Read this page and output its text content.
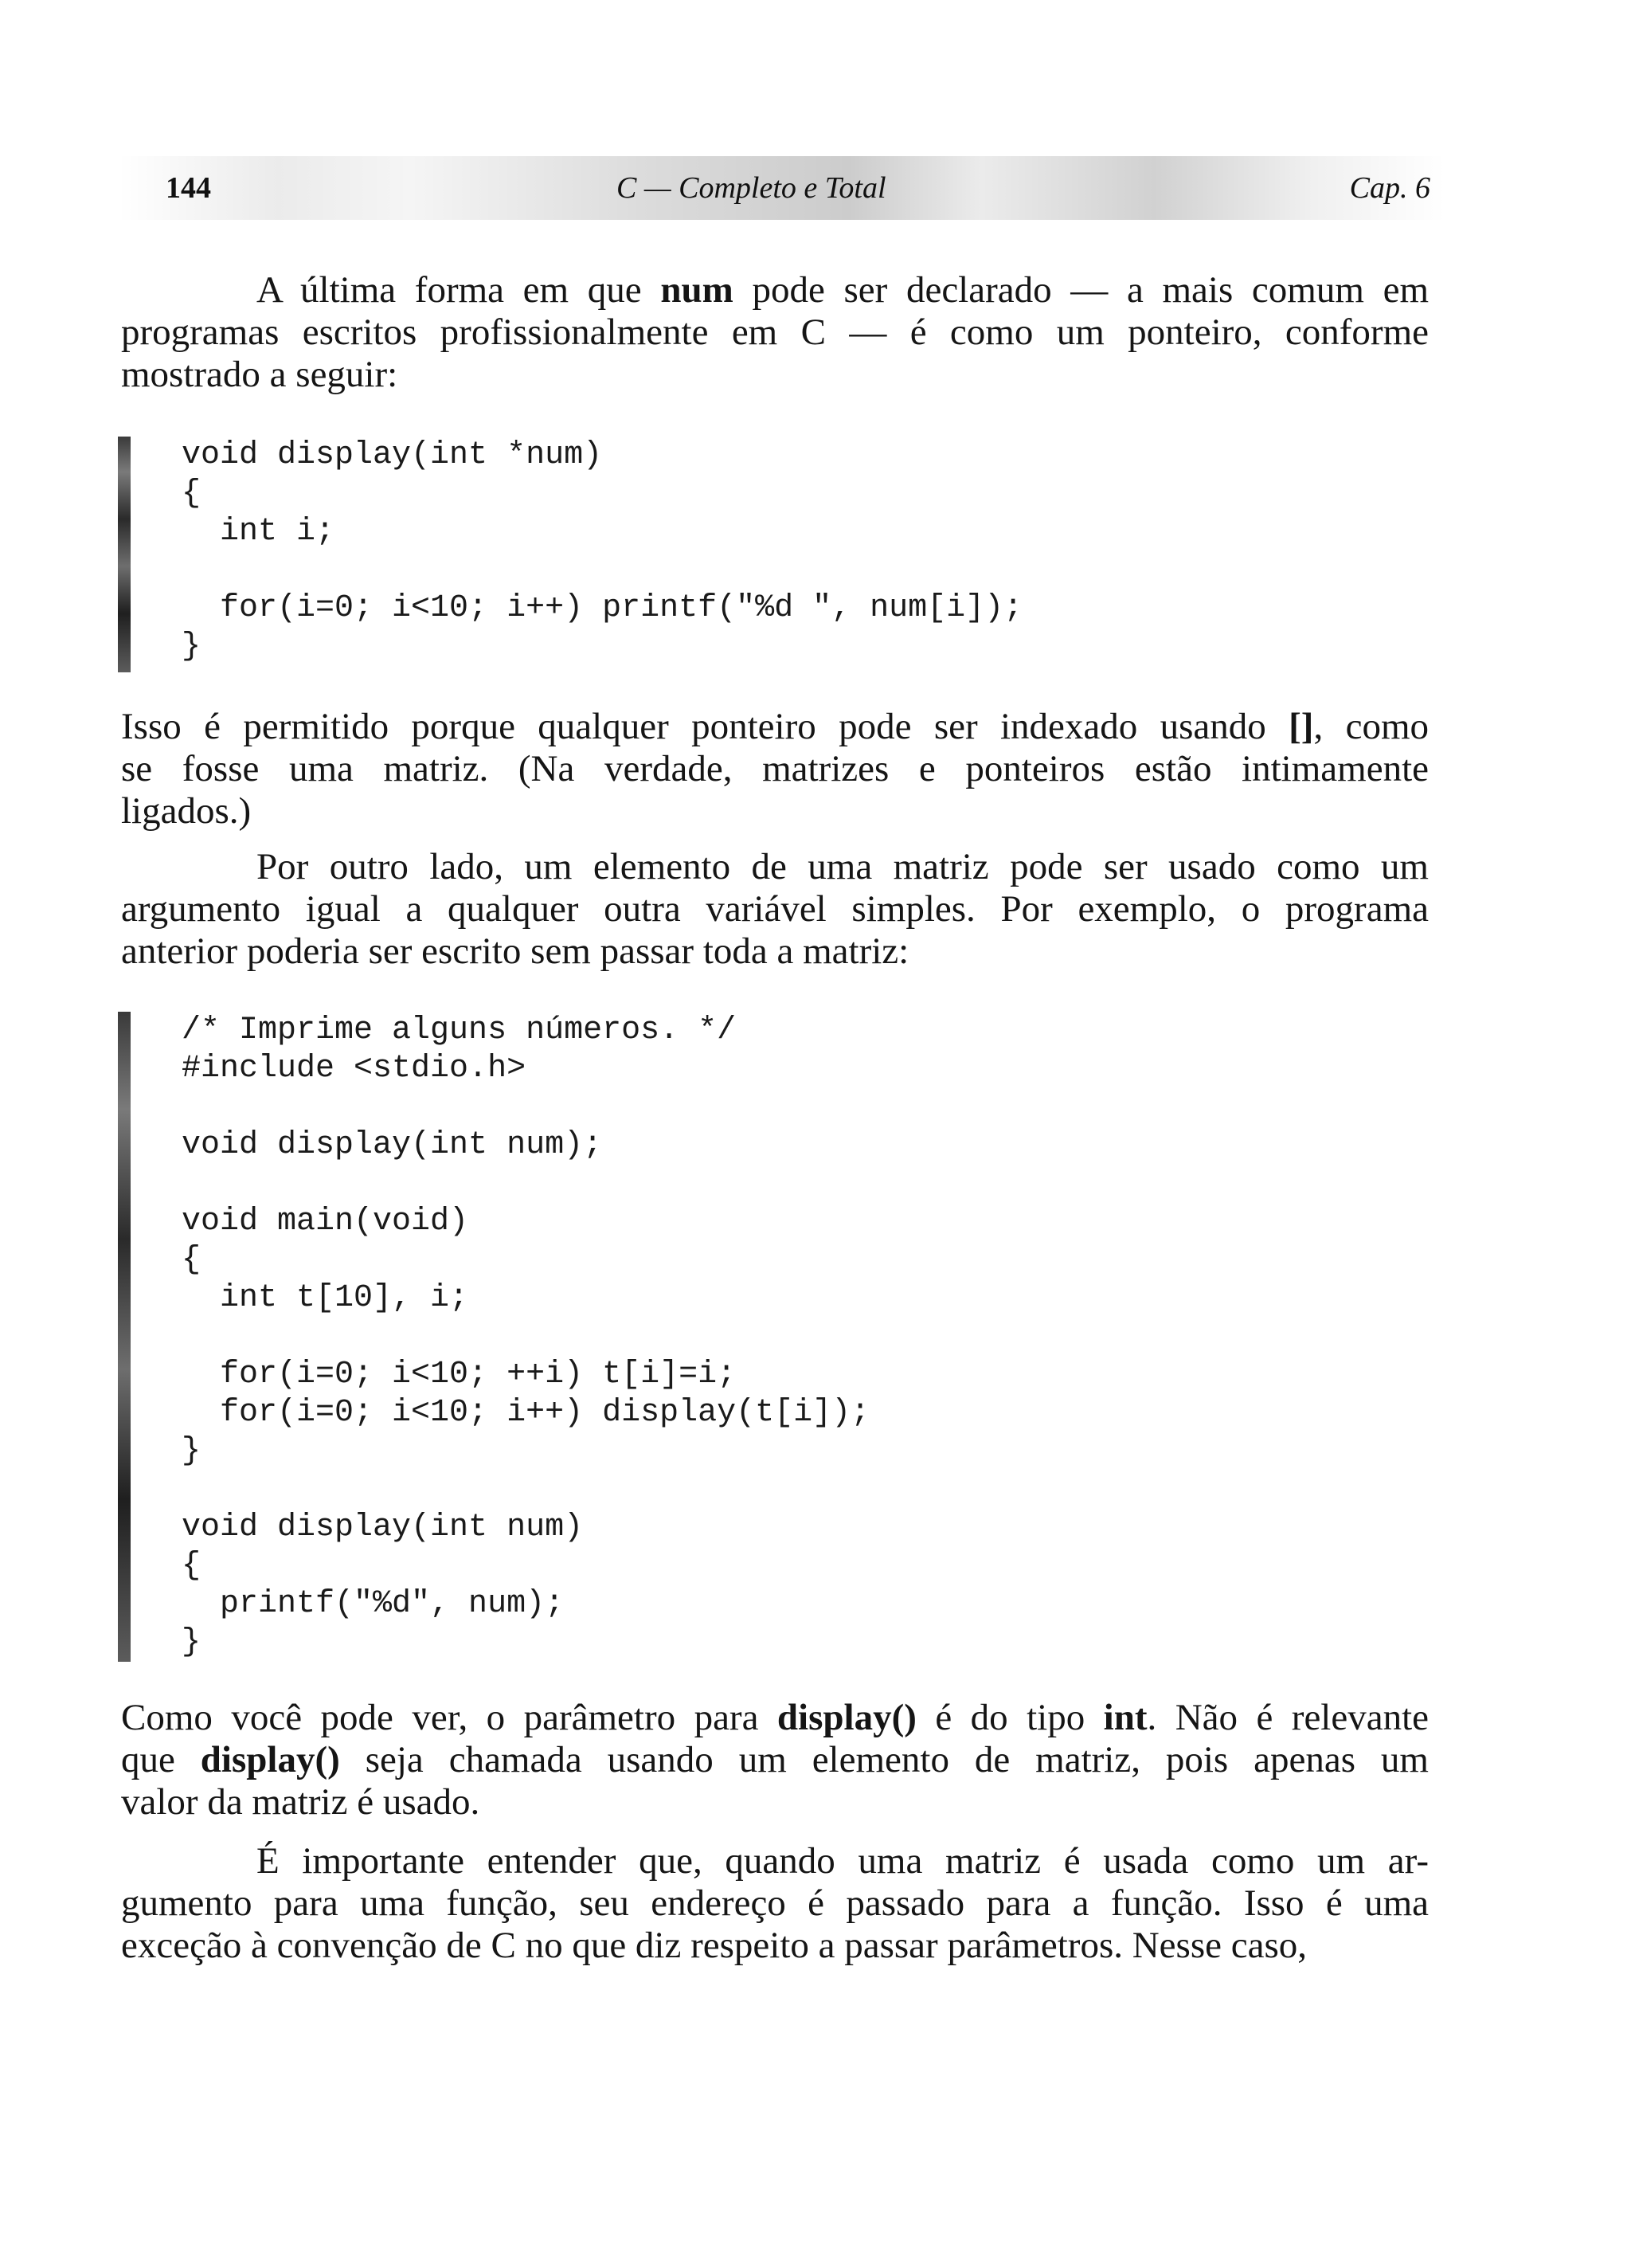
144	C — Completo e Total	Cap. 6

A última forma em que num pode ser declarado — a mais comum em
programas escritos profissionalmente em C — é como um ponteiro, conforme
mostrado a seguir:

void display(int *num)
{
int i;
for(i=0; i<10; i++) printf("%d ", num[i]);
}

Isso é permitido porque qualquer ponteiro pode ser indexado usando [], como
se fosse uma matriz. (Na verdade, matrizes e ponteiros estão intimamente
ligados.)

Por outro lado, um elemento de uma matriz pode ser usado como um
argumento igual a qualquer outra variável simples. Por exemplo, o programa
anterior poderia ser escrito sem passar toda a matriz:

/* Imprime alguns números. */
#include <stdio.h>
void display(int num);
void main(void)
{
int t[10], i;
for(i=0; i<10; ++i) t[i]=i;
for(i=0; i<10; i++) display(t[i]);
}
void display(int num)
{
printf("%d", num);
}

Como você pode ver, o parâmetro para display() é do tipo int. Não é relevante
que display() seja chamada usando um elemento de matriz, pois apenas um
valor da matriz é usado.

É importante entender que, quando uma matriz é usada como um ar-
gumento para uma função, seu endereço é passado para a função. Isso é uma
exceção à convenção de C no que diz respeito a passar parâmetros. Nesse caso,
